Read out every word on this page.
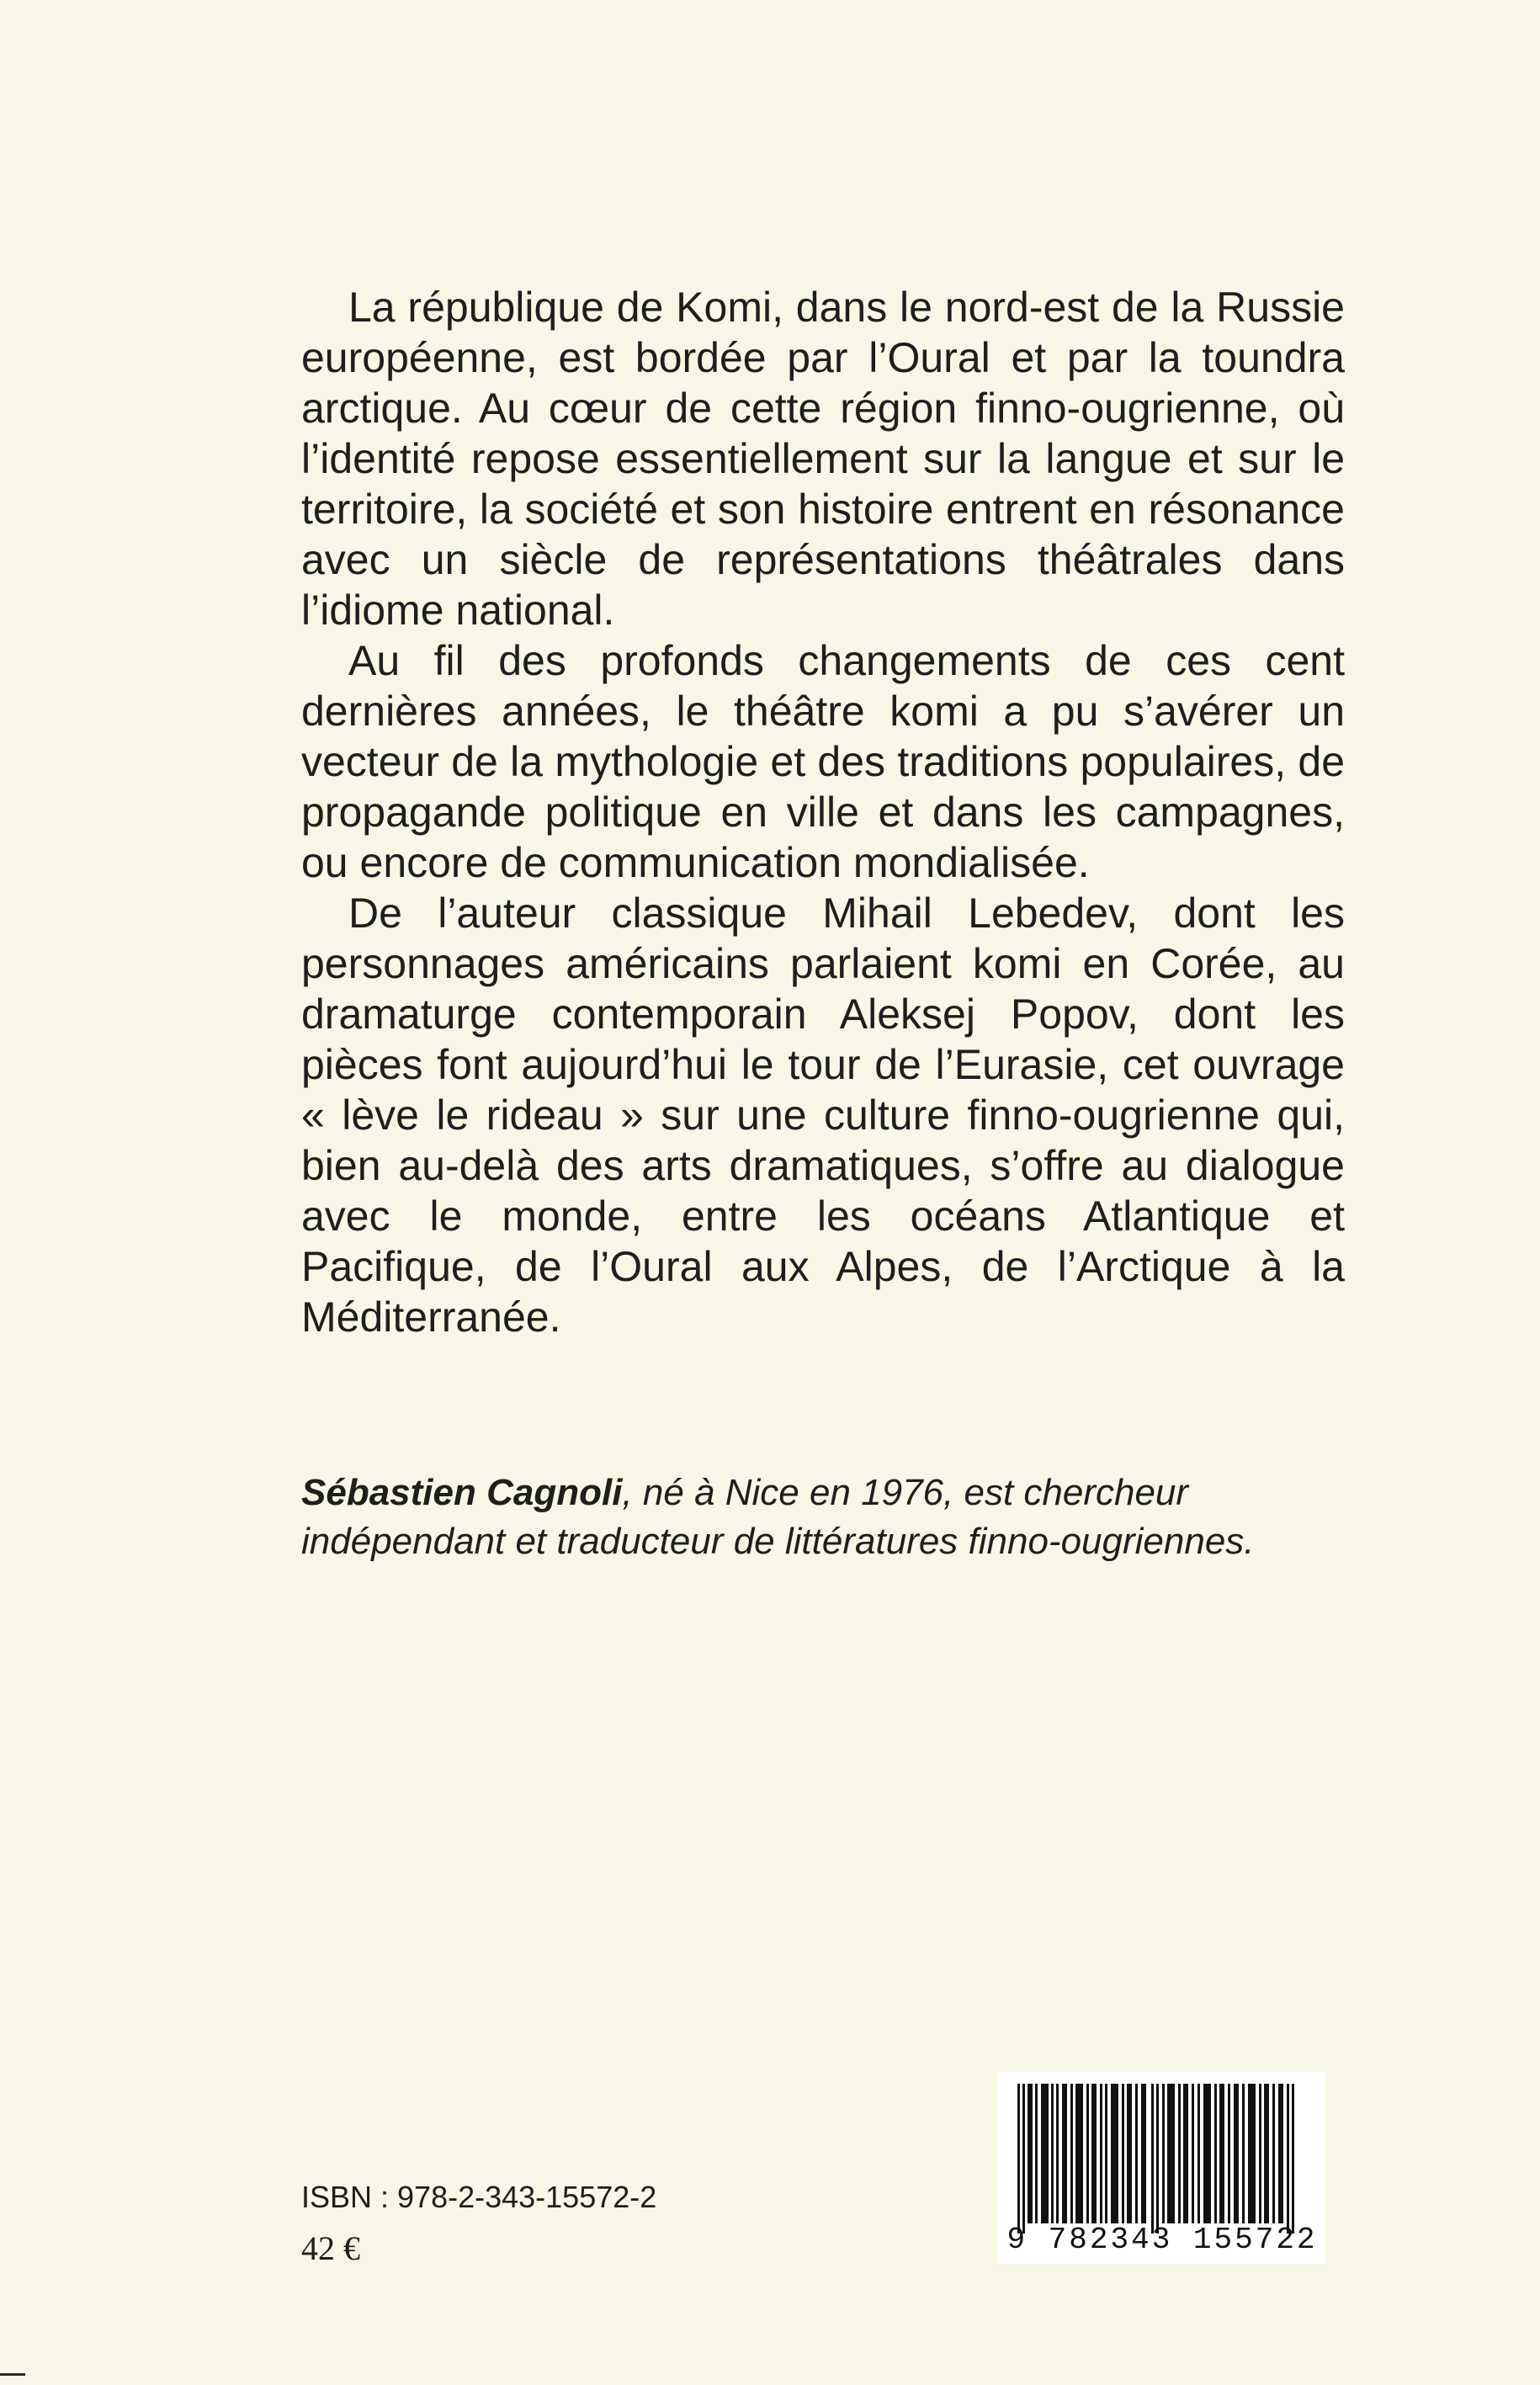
La république de Komi, dans le nord-est de la Russie européenne, est bordée par l’Oural et par la toundra arctique. Au cœur de cette région finno-ougrienne, où l’identité repose essentiellement sur la langue et sur le territoire, la société et son histoire entrent en résonance avec un siècle de représentations théâtrales dans l’idiome national.

Au fil des profonds changements de ces cent dernières années, le théâtre komi a pu s’avérer un vecteur de la mythologie et des traditions populaires, de propagande politique en ville et dans les campagnes, ou encore de communication mondialisée.

De l’auteur classique Mihail Lebedev, dont les personnages américains parlaient komi en Corée, au dramaturge contemporain Aleksej Popov, dont les pièces font aujourd’hui le tour de l’Eurasie, cet ouvrage « lève le rideau » sur une culture finno-ougrienne qui, bien au-delà des arts dramatiques, s’offre au dialogue avec le monde, entre les océans Atlantique et Pacifique, de l’Oural aux Alpes, de l’Arctique à la Méditerranée.

Sébastien Cagnoli, né à Nice en 1976, est chercheur indépendant et traducteur de littératures finno-ougriennes.

ISBN : 978-2-343-15572-2
42 €	9 782343 155722
